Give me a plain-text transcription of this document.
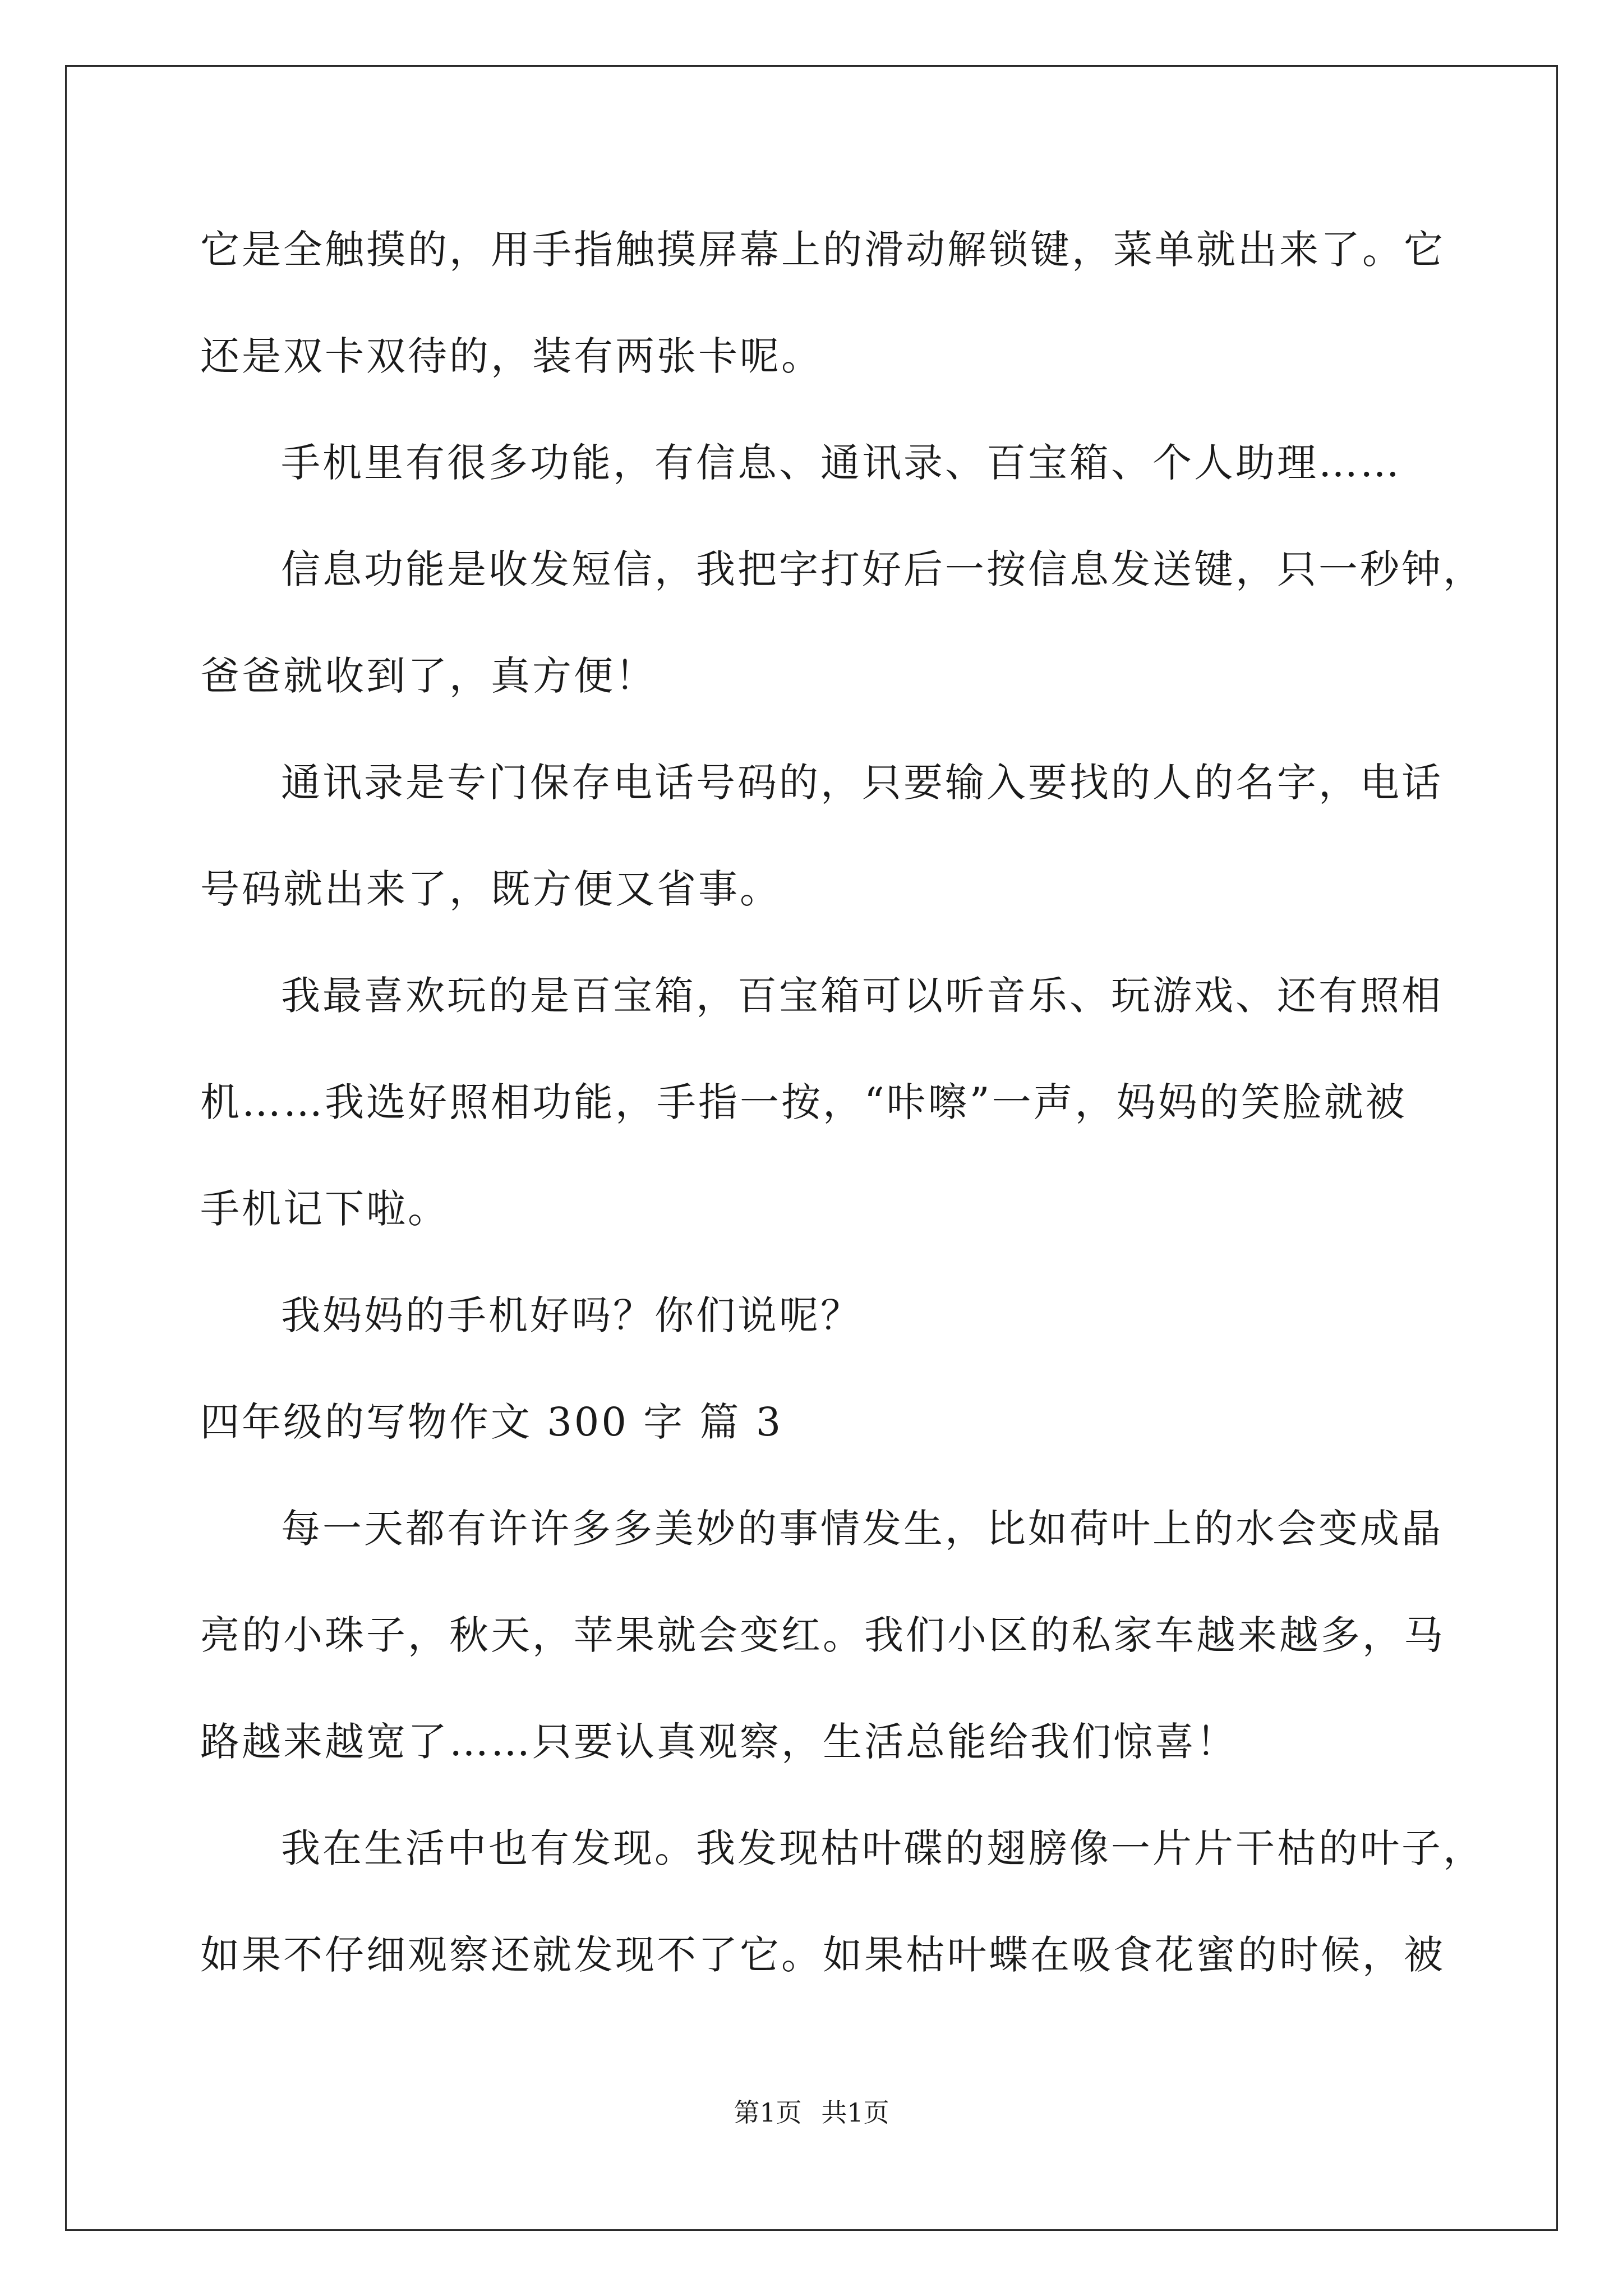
它是全触摸的，用手指触摸屏幕上的滑动解锁键，菜单就出来了。它

还是双卡双待的，装有两张卡呢。

手机里有很多功能，有信息、通讯录、百宝箱、个人助理……

信息功能是收发短信，我把字打好后一按信息发送键，只一秒钟，

爸爸就收到了，真方便！

通讯录是专门保存电话号码的，只要输入要找的人的名字，电话

号码就出来了，既方便又省事。

我最喜欢玩的是百宝箱，百宝箱可以听音乐、玩游戏、还有照相

机……我选好照相功能，手指一按，“咔嚓”一声，妈妈的笑脸就被

手机记下啦。

我妈妈的手机好吗？你们说呢？

四年级的写物作文 300 字 篇 3

每一天都有许许多多美妙的事情发生，比如荷叶上的水会变成晶

亮的小珠子，秋天，苹果就会变红。我们小区的私家车越来越多，马

路越来越宽了……只要认真观察，生活总能给我们惊喜！

我在生活中也有发现。我发现枯叶碟的翅膀像一片片干枯的叶子，

如果不仔细观察还就发现不了它。如果枯叶蝶在吸食花蜜的时候，被

第1页 共1页
